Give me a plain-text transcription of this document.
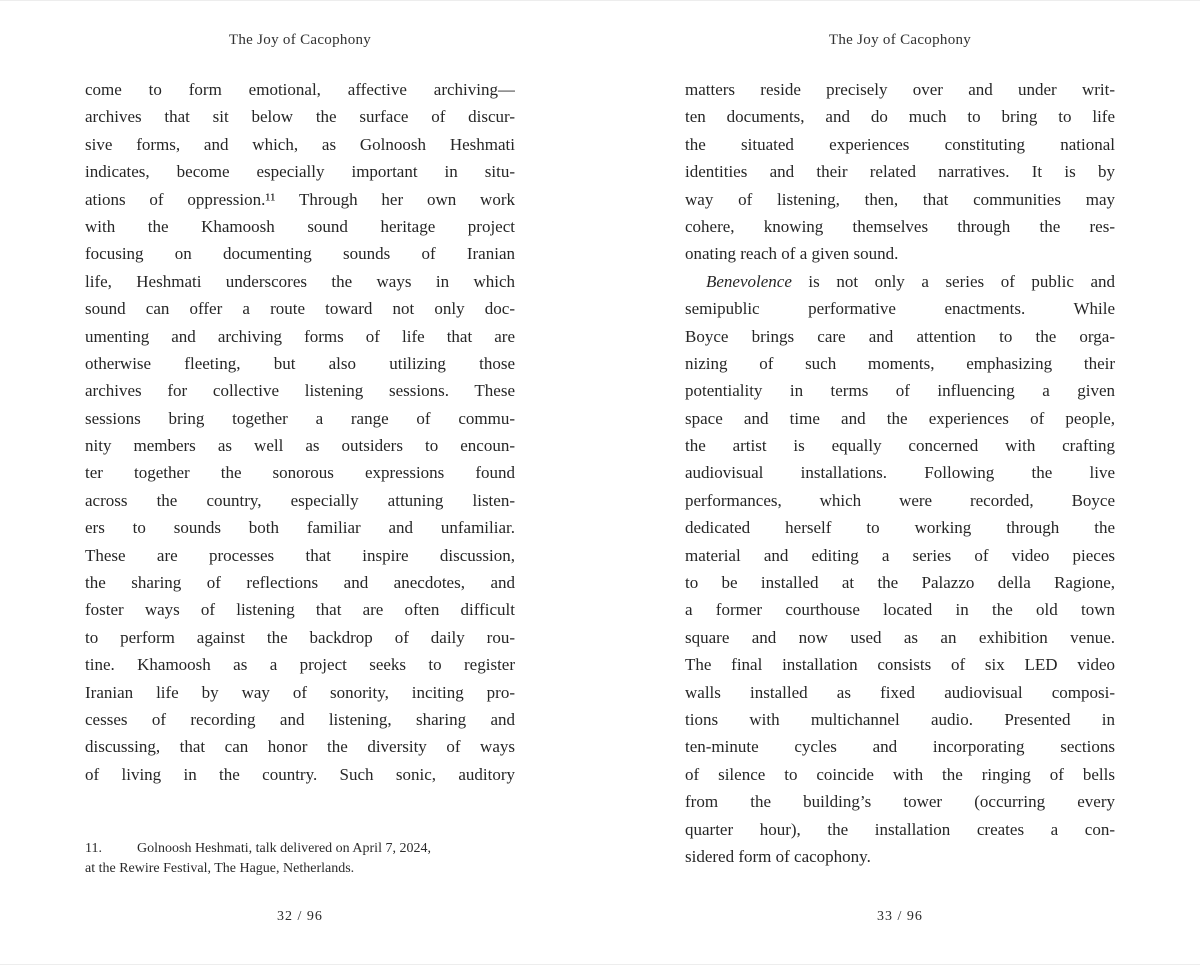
The Joy of Cacophony
come to form emotional, affective archiving—
archives that sit below the surface of discur-
sive forms, and which, as Golnoosh Heshmati
indicates, become especially important in situ-
ations of oppression.¹¹ Through her own work
with the Khamoosh sound heritage project
focusing on documenting sounds of Iranian
life, Heshmati underscores the ways in which
sound can offer a route toward not only doc-
umenting and archiving forms of life that are
otherwise fleeting, but also utilizing those
archives for collective listening sessions. These
sessions bring together a range of commu-
nity members as well as outsiders to encoun-
ter together the sonorous expressions found
across the country, especially attuning listen-
ers to sounds both familiar and unfamiliar.
These are processes that inspire discussion,
the sharing of reflections and anecdotes, and
foster ways of listening that are often difficult
to perform against the backdrop of daily rou-
tine. Khamoosh as a project seeks to register
Iranian life by way of sonority, inciting pro-
cesses of recording and listening, sharing and
discussing, that can honor the diversity of ways
of living in the country. Such sonic, auditory
11.	Golnoosh Heshmati, talk delivered on April 7, 2024,
at the Rewire Festival, The Hague, Netherlands.
32 / 96
The Joy of Cacophony
matters reside precisely over and under writ-
ten documents, and do much to bring to life
the situated experiences constituting national
identities and their related narratives. It is by
way of listening, then, that communities may
cohere, knowing themselves through the res-
onating reach of a given sound.
Benevolence is not only a series of public and
semipublic performative enactments. While
Boyce brings care and attention to the orga-
nizing of such moments, emphasizing their
potentiality in terms of influencing a given
space and time and the experiences of people,
the artist is equally concerned with crafting
audiovisual installations. Following the live
performances, which were recorded, Boyce
dedicated herself to working through the
material and editing a series of video pieces
to be installed at the Palazzo della Ragione,
a former courthouse located in the old town
square and now used as an exhibition venue.
The final installation consists of six LED video
walls installed as fixed audiovisual composi-
tions with multichannel audio. Presented in
ten-minute cycles and incorporating sections
of silence to coincide with the ringing of bells
from the building’s tower (occurring every
quarter hour), the installation creates a con-
sidered form of cacophony.
33 / 96
